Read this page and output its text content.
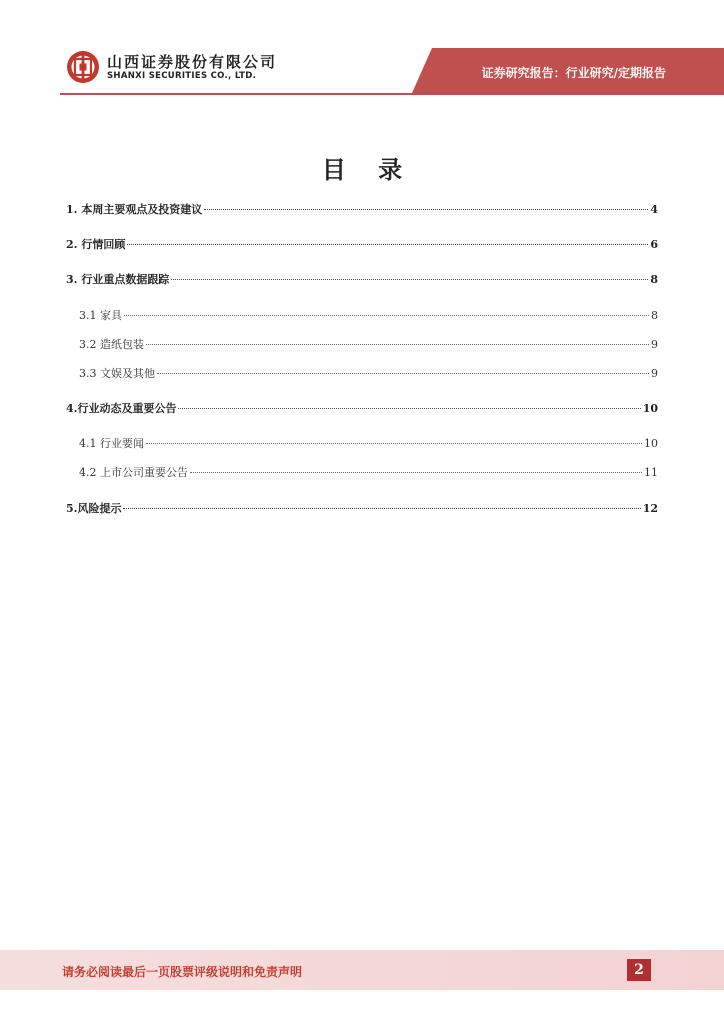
山西证券股份有限公司
SHANXI SECURITIES CO., LTD.	证券研究报告：行业研究/定期报告
目 录
1. 本周主要观点及投资建议	4
2. 行情回顾	6
3. 行业重点数据跟踪	8
3.1 家具	8
3.2 造纸包装	9
3.3 文娱及其他	9
4.行业动态及重要公告	10
4.1 行业要闻	10
4.2 上市公司重要公告	11
5.风险提示	12
请务必阅读最后一页股票评级说明和免责声明	2
